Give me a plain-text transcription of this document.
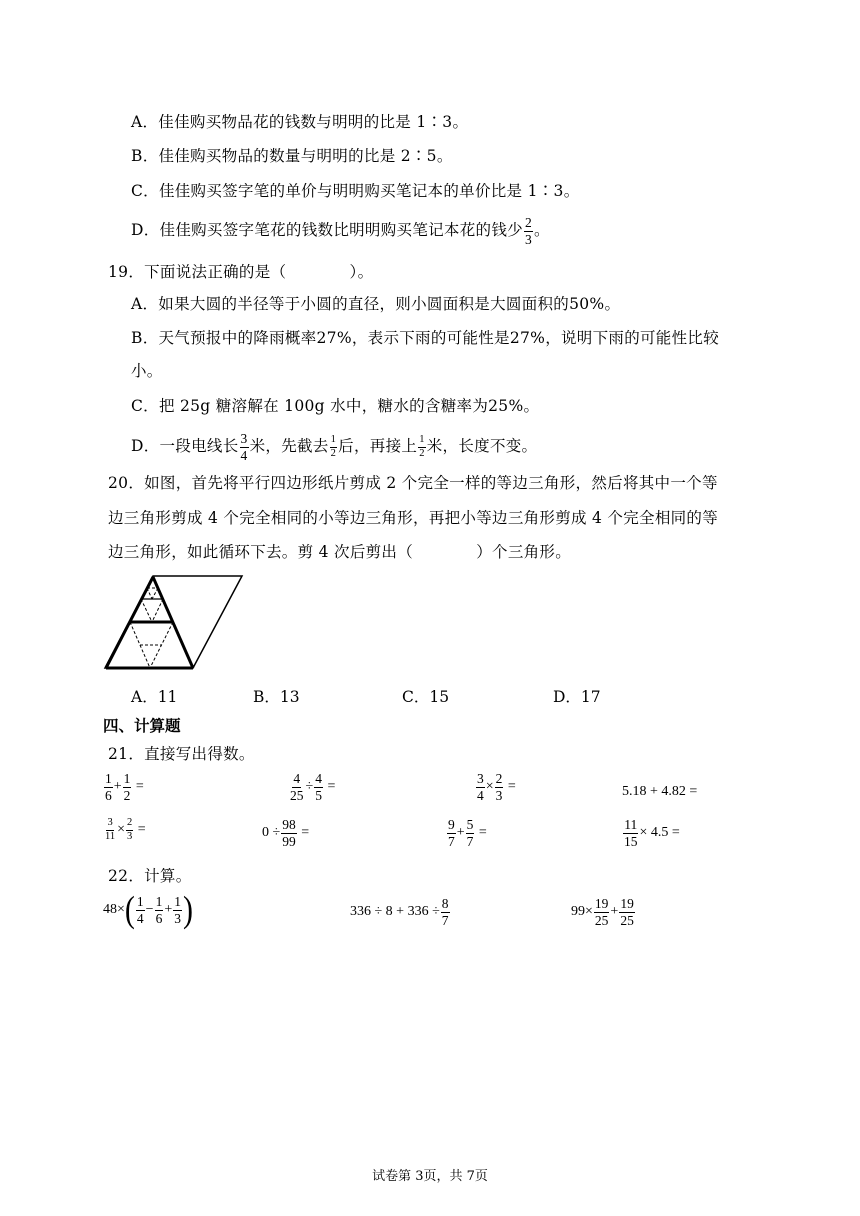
A．佳佳购买物品花的钱数与明明的比是 1∶3。
B．佳佳购买物品的数量与明明的比是 2∶5。
C．佳佳购买签字笔的单价与明明购买笔记本的单价比是 1∶3。
D．佳佳购买签字笔花的钱数比明明购买笔记本花的钱少 $\frac{2}{3}$ 。
19．下面说法正确的是（　　　　）。
A．如果大圆的半径等于小圆的直径，则小圆面积是大圆面积的50%。
B．天气预报中的降雨概率27%，表示下雨的可能性是27%，说明下雨的可能性比较
小。
C．把 25g 糖溶解在 100g 水中，糖水的含糖率为25%。
D．一段电线长 $\frac{3}{4}$ 米，先截去 $\frac{1}{2}$ 后，再接上 $\frac{1}{2}$ 米，长度不变。
20．如图，首先将平行四边形纸片剪成 2 个完全一样的等边三角形，然后将其中一个等
边三角形剪成 4 个完全相同的小等边三角形，再把小等边三角形剪成 4 个完全相同的等
边三角形，如此循环下去。剪 4 次后剪出（　　　　）个三角形。
A．11	B．13	C．15	D．17
四、计算题
21．直接写出得数。
$\frac{1}{6} + \frac{1}{2}$ =	$\frac{4}{25} \div \frac{4}{5}$ =	$\frac{3}{4} \times \frac{2}{3}$ =	5.18 + 4.82 =
$\frac{3}{11} \times \frac{2}{3}$ =	$0 \div \frac{98}{99}$ =	$\frac{9}{7} + \frac{5}{7}$ =	$\frac{11}{15} \times 4.5$ =
22．计算。
$48\times( \frac{1}{4} - \frac{1}{6} + \frac{1}{3}$ )	$336 \div 8 + 336 \div \frac{8}{7}$	$99\times \frac{19}{25} + \frac{19}{25}$
试卷第 3页，共 7页
